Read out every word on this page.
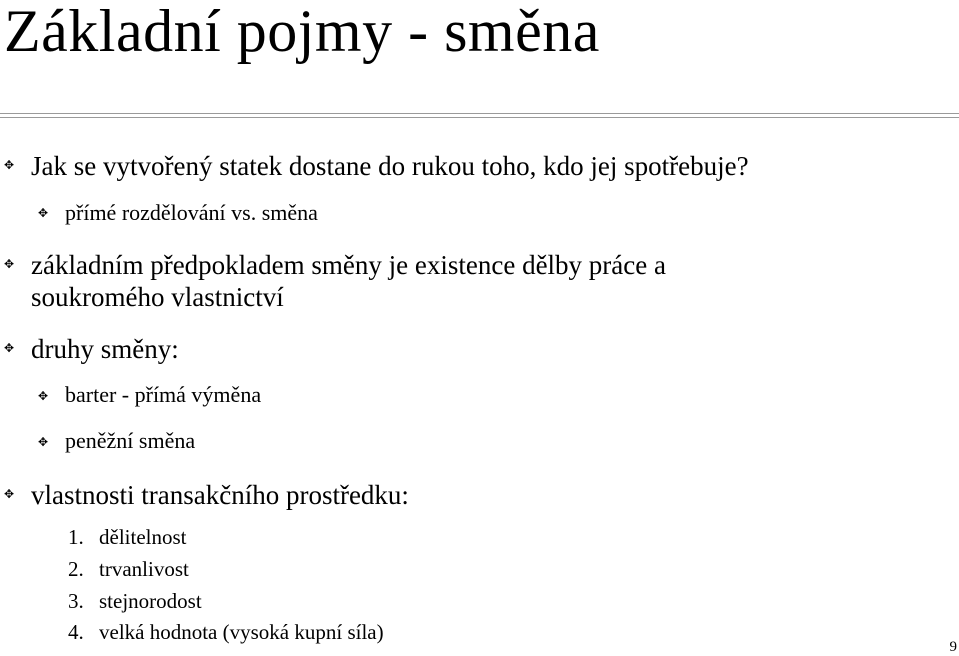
Základní pojmy - směna
✥ Jak se vytvořený statek dostane do rukou toho, kdo jej spotřebuje?
✥ přímé rozdělování vs. směna
✥ základním předpokladem směny je existence dělby práce a
soukromého vlastnictví
✥ druhy směny:
✥ barter - přímá výměna
✥ peněžní směna
✥ vlastnosti transakčního prostředku:
1. dělitelnost
2. trvanlivost
3. stejnorodost
4. velká hodnota (vysoká kupní síla)
9
